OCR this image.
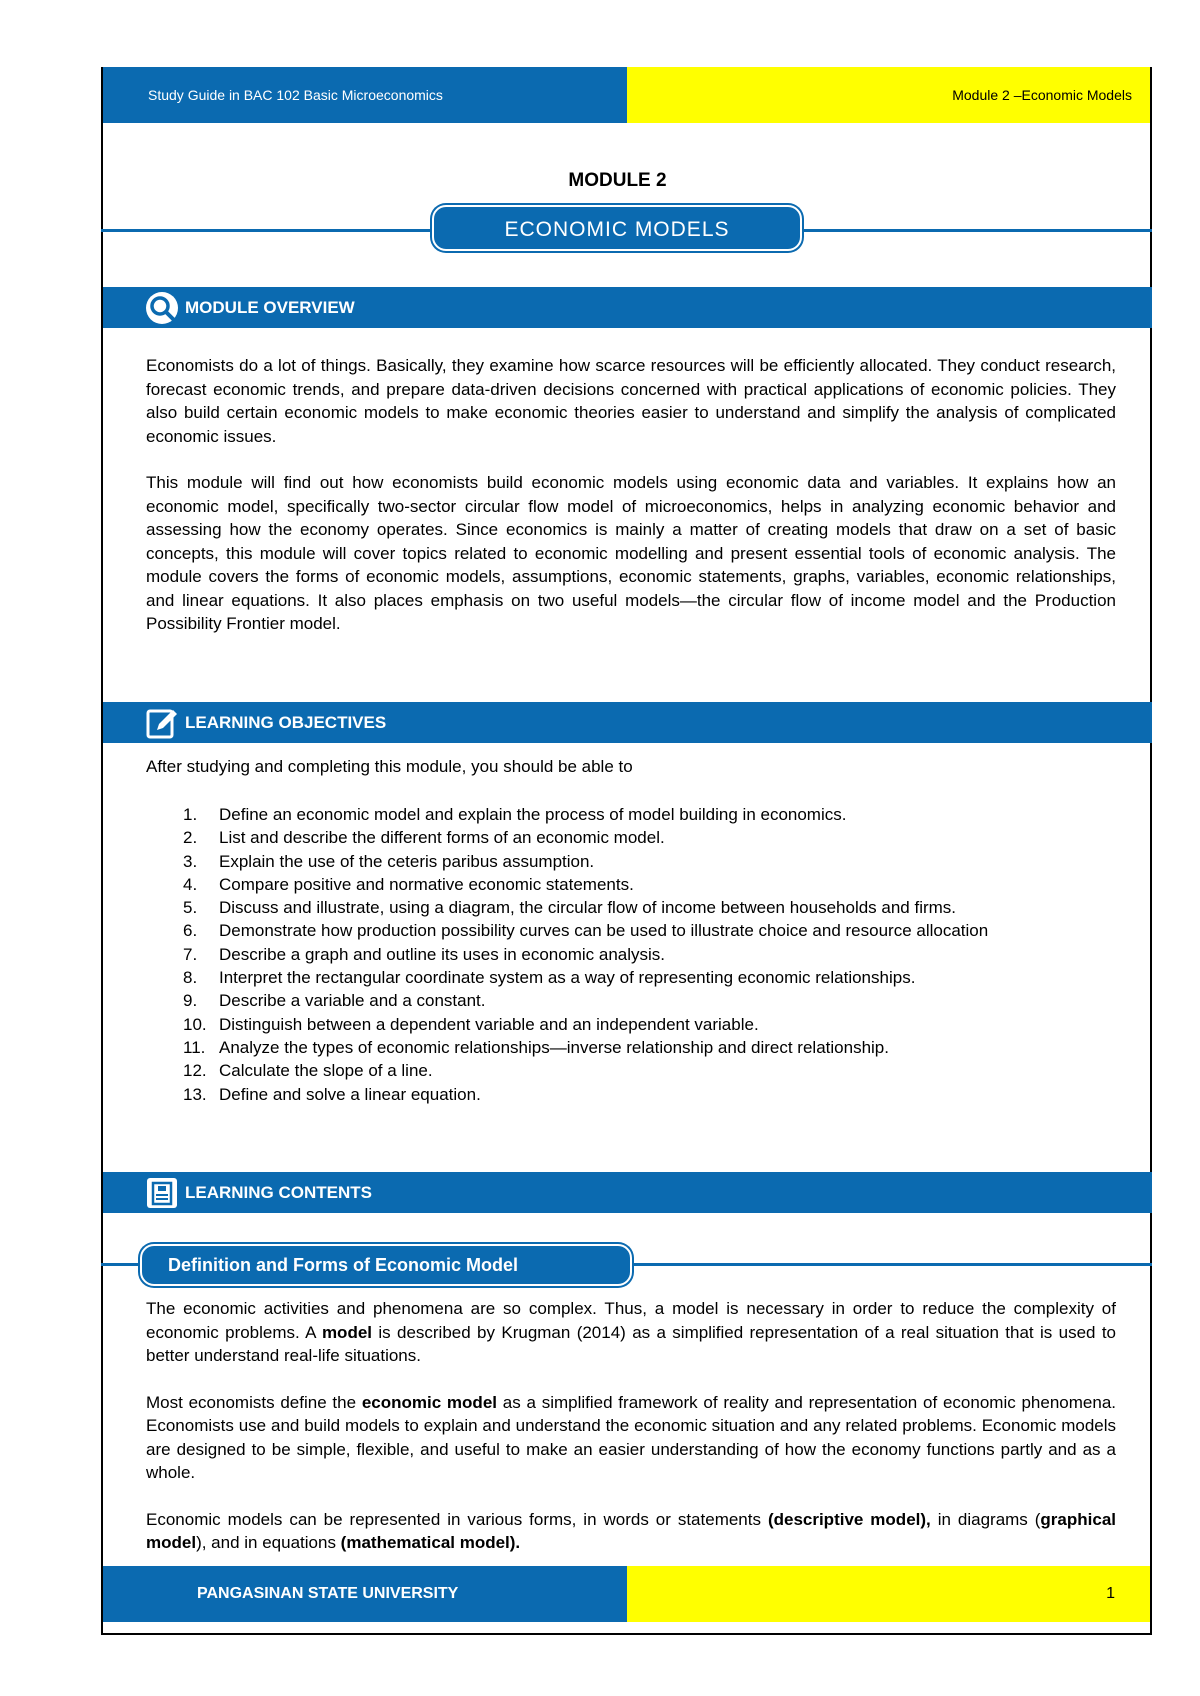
Study Guide in BAC 102 Basic Microeconomics	Module 2 –Economic Models
MODULE 2
ECONOMIC MODELS
MODULE OVERVIEW

Economists do a lot of things. Basically, they examine how scarce resources will be efficiently allocated. They conduct research, forecast economic trends, and prepare data-driven decisions concerned with practical applications of economic policies. They also build certain economic models to make economic theories easier to understand and simplify the analysis of complicated economic issues.

This module will find out how economists build economic models using economic data and variables. It explains how an economic model, specifically two-sector circular flow model of microeconomics, helps in analyzing economic behavior and assessing how the economy operates. Since economics is mainly a matter of creating models that draw on a set of basic concepts, this module will cover topics related to economic modelling and present essential tools of economic analysis. The module covers the forms of economic models, assumptions, economic statements, graphs, variables, economic relationships, and linear equations. It also places emphasis on two useful models—the circular flow of income model and the Production Possibility Frontier model.

LEARNING OBJECTIVES
After studying and completing this module, you should be able to
1.	Define an economic model and explain the process of model building in economics.
2.	List and describe the different forms of an economic model.
3.	Explain the use of the ceteris paribus assumption.
4.	Compare positive and normative economic statements.
5.	Discuss and illustrate, using a diagram, the circular flow of income between households and firms.
6.	Demonstrate how production possibility curves can be used to illustrate choice and resource allocation
7.	Describe a graph and outline its uses in economic analysis.
8.	Interpret the rectangular coordinate system as a way of representing economic relationships.
9.	Describe a variable and a constant.
10. Distinguish between a dependent variable and an independent variable.
11. Analyze the types of economic relationships—inverse relationship and direct relationship.
12. Calculate the slope of a line.
13. Define and solve a linear equation.
LEARNING CONTENTS
Definition and Forms of Economic Model

The economic activities and phenomena are so complex. Thus, a model is necessary in order to reduce the complexity of economic problems. A model is described by Krugman (2014) as a simplified representation of a real situation that is used to better understand real-life situations.

Most economists define the economic model as a simplified framework of reality and representation of economic phenomena. Economists use and build models to explain and understand the economic situation and any related problems. Economic models are designed to be simple, flexible, and useful to make an easier understanding of how the economy functions partly and as a whole.

Economic models can be represented in various forms, in words or statements (descriptive model), in diagrams (graphical model), and in equations (mathematical model).

PANGASINAN STATE UNIVERSITY	1
